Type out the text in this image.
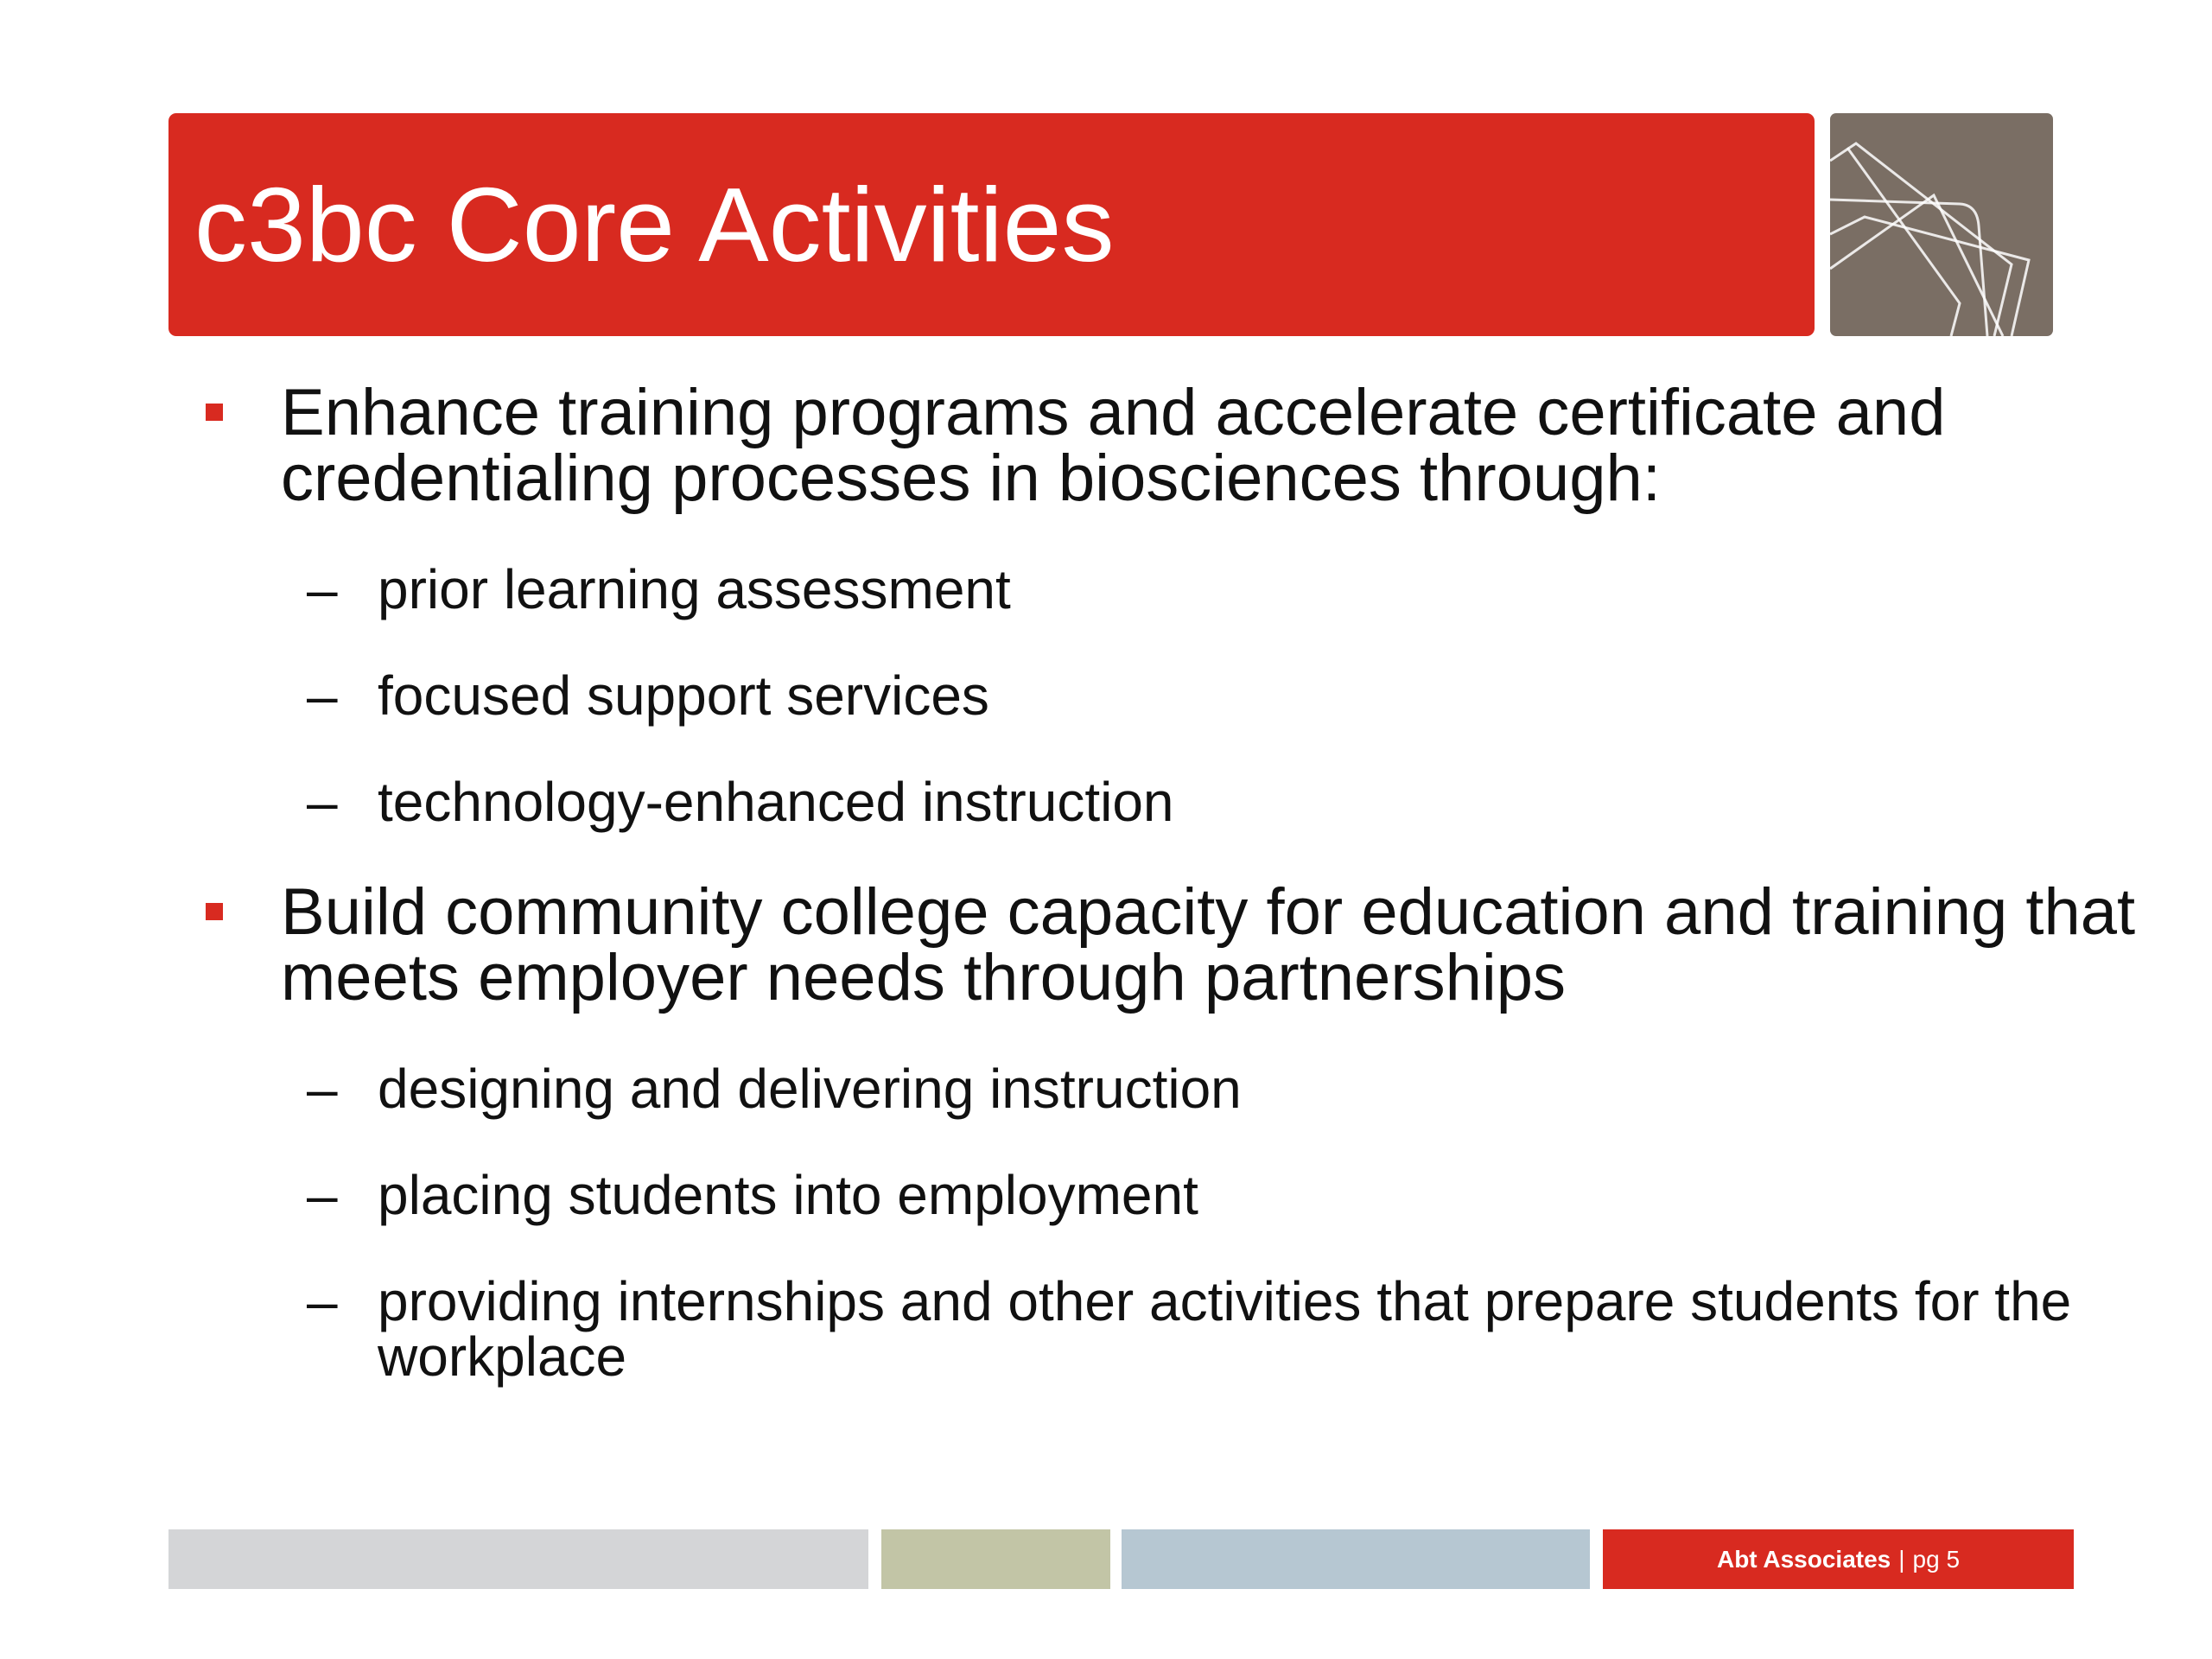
c3bc Core Activities
Enhance training programs and accelerate certificate and credentialing processes in biosciences through:
– prior learning assessment
– focused support services
– technology-enhanced instruction
Build community college capacity for education and training that meets employer needs through partnerships
– designing and delivering instruction
– placing students into employment
– providing internships and other activities that prepare students for the workplace
Abt Associates | pg 5
